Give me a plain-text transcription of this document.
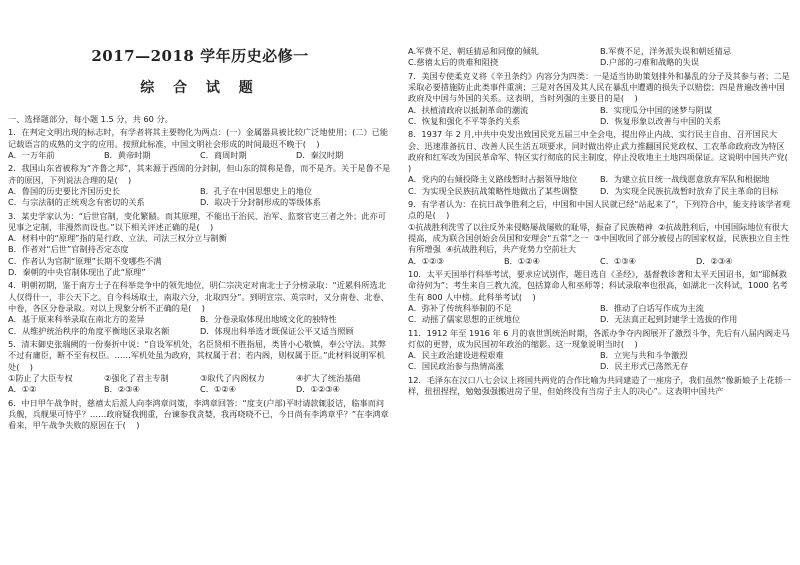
2017—2018 学年历史必修一
综 合 试 题

一、选择题部分，每小题 1.5 分，共 60 分。

1．在判定文明出现的标志时，有学者将其主要物化为两点：(一）金属器具被比较广泛地使用；(二）已能记载语言的成熟的文字的应用。按照此标准，中国文明社会形成的时间最迟不晚于(    )

A．一万年前	B．黄帝时期	C．商周时期	D．秦汉时期

2．我国山东省被称为“齐鲁之邦”，其来源于西周的分封制，但山东的简称是鲁，而不是齐。关于是鲁不是齐的原因，下列说法合理的是(    )

A．鲁国的历史要比齐国历史长	B．孔子在中国思想史上的地位
C．与宗法制的正统观念有密切的关系	D．取决于分封制形成的等级体系

3．某史学家认为：“后世官制，变化繁赜。而其原理，不能出于治民、治军、监察官吏三者之外；此亦可见事之定制，非漫然而设也。”以下相关评述正确的是(    )

A．材料中的“原理”指的是行政、立法、司法三权分立与制衡

B．作者对“后世”官制持否定态度

C．作者认为官制“原理”长期不变哪些不满

D．秦朝的中央官制体现出了此“原理”

4．明朝初期，鉴于南方士子在科举竞争中的领先地位，明仁宗决定对南北士子分榜录取：“近累科所选北人仅得什一，非公天下之。自今科场取士，南取六分，北取四分”。到明宣宗、英宗时，又分南卷、北卷、中卷，各区分卷录取。对以上现象分析不正确的是(    )

A．基于原来科举录取在南北方的差异	B．分卷录取体现出地域文化的独特性
C．从维护统治秩序的角度平衡地区录取名额	D．体现出科举选才既保证公平又适当照顾

5．清末御史张瑞阙的一份奏折中说：“自设军机处，名臣贤相不胜指屈，类皆小心敬慎，奉公守法。其弊不过有庸臣，断不至有权臣。……军机处虽为政府，其权属于君；若内阁，则权属于臣。”此材料说明军机处(    )

①防止了大臣专权	②强化了君主专制	③取代了内阁权力	④扩大了统治基础
A．①②	B．②③④	C．①②④	D．①②③④

6．中日甲午战争时，慈禧太后派人向李鸿章问策，李鸿章回答：“度支(户部)平时请款辄驳诘，临事而问兵舰，兵舰果可恃乎？……政府疑我拥重，台谏参我贪婪，我再哓哓不已，今日尚有李鸿章乎？”在李鸿章看来，甲午战争失败的原因在于(    )

A.军费不足、朝廷猜忌和同僚的倾轧	B.军费不足，洋务派失误和朝廷猜忌
C.慈禧太后的贵难和阻挠	D.户部的刁难和战略的失误

7．美国专使柔克义将《辛丑条约》内容分为四类：一是适当协助策划排外和暴乱的分子及其参与者；二是采取必要措施防止此类事件重演；三是对各国及其人民在暴乱中遭遇的损失予以赔偿；四是普遍改善中国政府及中国与外国的关系。这表明，当时列强的主要目的是(    )

A．扶植清政府以抵制革命的潮流	B．实现瓜分中国的迷梦与阴谋
C．恢复和强化不平等条约关系	D．恢复形象以改善与中国的关系

8．1937 年 2 月,中共中央发出致国民党五届三中全会电，提出停止内战、实行民主自由、召开国民大会、迅速准备抗日、改善人民生活五项要求，同时做出停止武力推翻国民党政权、工农革命政府改为特区政府和红军改为国民革命军、特区实行彻底的民主制度，停止没收地主土地四项保证。这说明中国共产党(    )

A．党内的右倾投降主义路线暂时占据领导地位	B．为建立抗日统一战线愿意放弃军队和根据地
C．为实现全民族抗战策略性地做出了某些调整	D．为实现全民族抗战暂时放弃了民主革命的目标

9．有学者认为：在抗日战争胜利之后，中国和中国人民就已经“站起来了”，下列符合中，能支持该学者观点的是(    )

①抗战胜利洗雪了以往反外来侵略屡战屡败的耻辱，振奋了民族精神  ②抗战胜利后，中国国际地位有很大提高，成为联合国创始会员国和安理会“五常”之一  ③中国收回了部分被侵占的国家权益，民族独立自主性有所增强  ④抗战胜利后，共产党势力空前壮大

A．①②③	B．①②④	C．①③④	D．②③④

10．太平天国举行科举考试，要求应试别作，题目选自《圣经》，基督教诊著和太平天国诏书，如“耶稣救命待何为”；考生来自三教九流，包括算命人和巫师等；科试录取率也很高，如湖北一次科试，1000 名考生有 800 人中榜。此科举考试(    )

A．弥补了传统科举制的不足	B．推动了白话写作成为主流
C．动摇了儒家思想的正统地位	D．无法真正起到封建学士选拔的作用

11．1912 年至 1916 年 6 月的袁世凯统治时期，各派办争夺内阁展开了激烈斗争，先后有八届内阁走马灯似的更替，成为民国初年政治的缩影。这一现象说明当时(    )

A．民主政治建设进程艰难	B．立宪与共和斗争激烈
C．国民政治参与热情高涨	D．民主形式已荡然无存

12．毛泽东在汉口八七会议上将国共两党的合作比喻为共同建造了一座房子，我们虽然“像新娘子上花轿一样，扭扭捏捏，勉勉强强搬进房子里，但始终没有当房子主人的决心”。这表明中国共产
